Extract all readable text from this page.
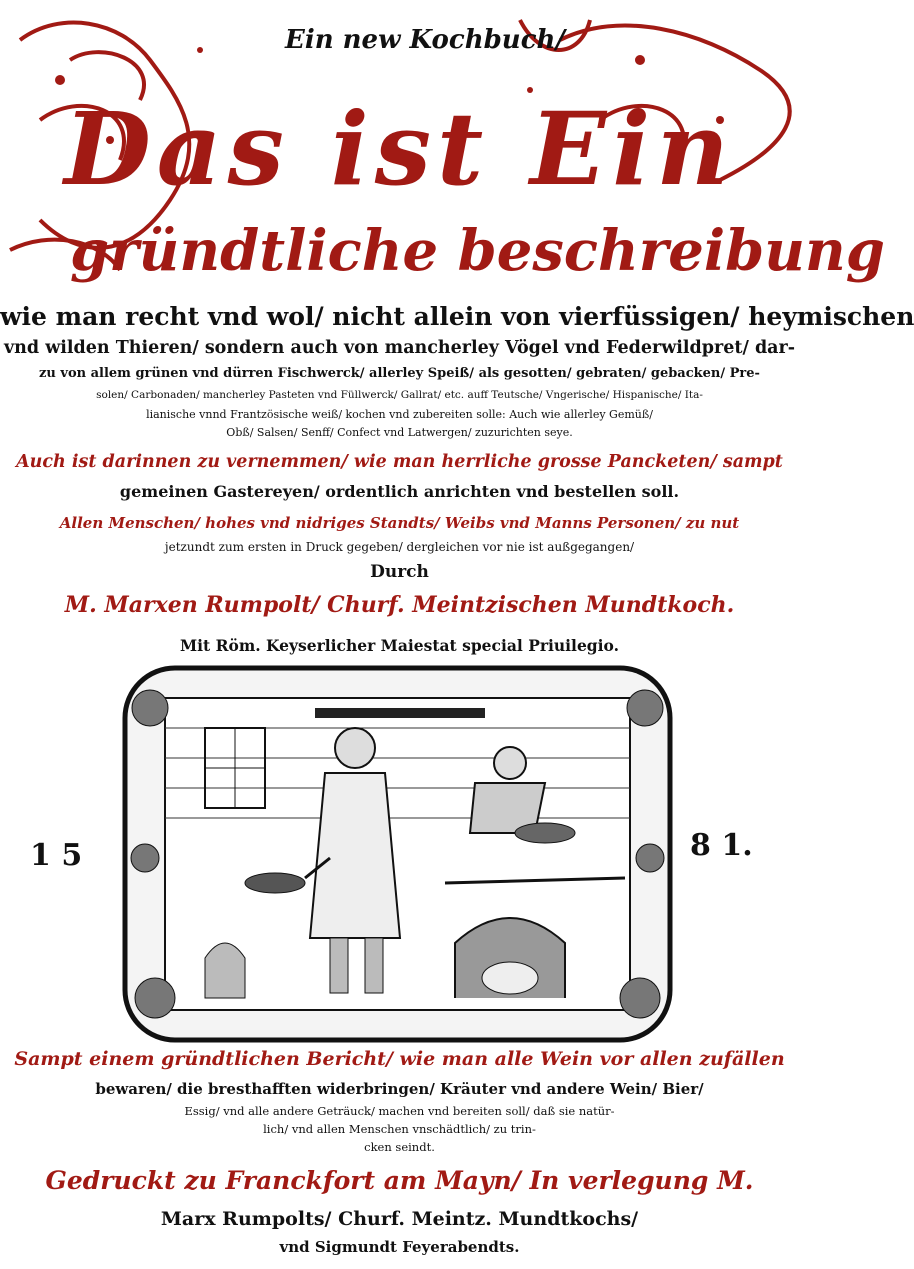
Ein new Kochbuch/
Das ist Ein
gründtliche beschreibung
wie man recht vnd wol/ nicht allein von vierfüssigen/ heymischen
vnd wilden Thieren/ sondern auch von mancherley Vögel vnd Federwildpret/ dar-
zu von allem grünen vnd dürren Fischwerck/ allerley Speiß/ als gesotten/ gebraten/ gebacken/ Pre-
solen/ Carbonaden/ mancherley Pasteten vnd Füllwerck/ Gallrat/ etc. auff Teutsche/ Vngerische/ Hispanische/ Ita-
lianische vnnd Frantzösische weiß/ kochen vnd zubereiten solle: Auch wie allerley Gemüß/
Obß/ Salsen/ Senff/ Confect vnd Latwergen/ zuzurichten seye.
Auch ist darinnen zu vernemmen/ wie man herrliche grosse Pancketen/ sampt
gemeinen Gastereyen/ ordentlich anrichten vnd bestellen soll.
Allen Menschen/ hohes vnd nidriges Standts/ Weibs vnd Manns Personen/ zu nut
jetzundt zum ersten in Druck gegeben/ dergleichen vor nie ist außgegangen/
Durch
M. Marxen Rumpolt/ Churf. Meintzischen Mundtkoch.
Mit Röm. Keyserlicher Maiestat special Priuilegio.
1 5	8 1.
Sampt einem gründtlichen Bericht/ wie man alle Wein vor allen zufällen
bewaren/ die bresthafften widerbringen/ Kräuter vnd andere Wein/ Bier/
Essig/ vnd alle andere Geträuck/ machen vnd bereiten soll/ daß sie natür-
lich/ vnd allen Menschen vnschädtlich/ zu trin-
cken seindt.
Gedruckt zu Franckfort am Mayn/ In verlegung M.
Marx Rumpolts/ Churf. Meintz. Mundtkochs/
vnd Sigmundt Feyerabendts.
